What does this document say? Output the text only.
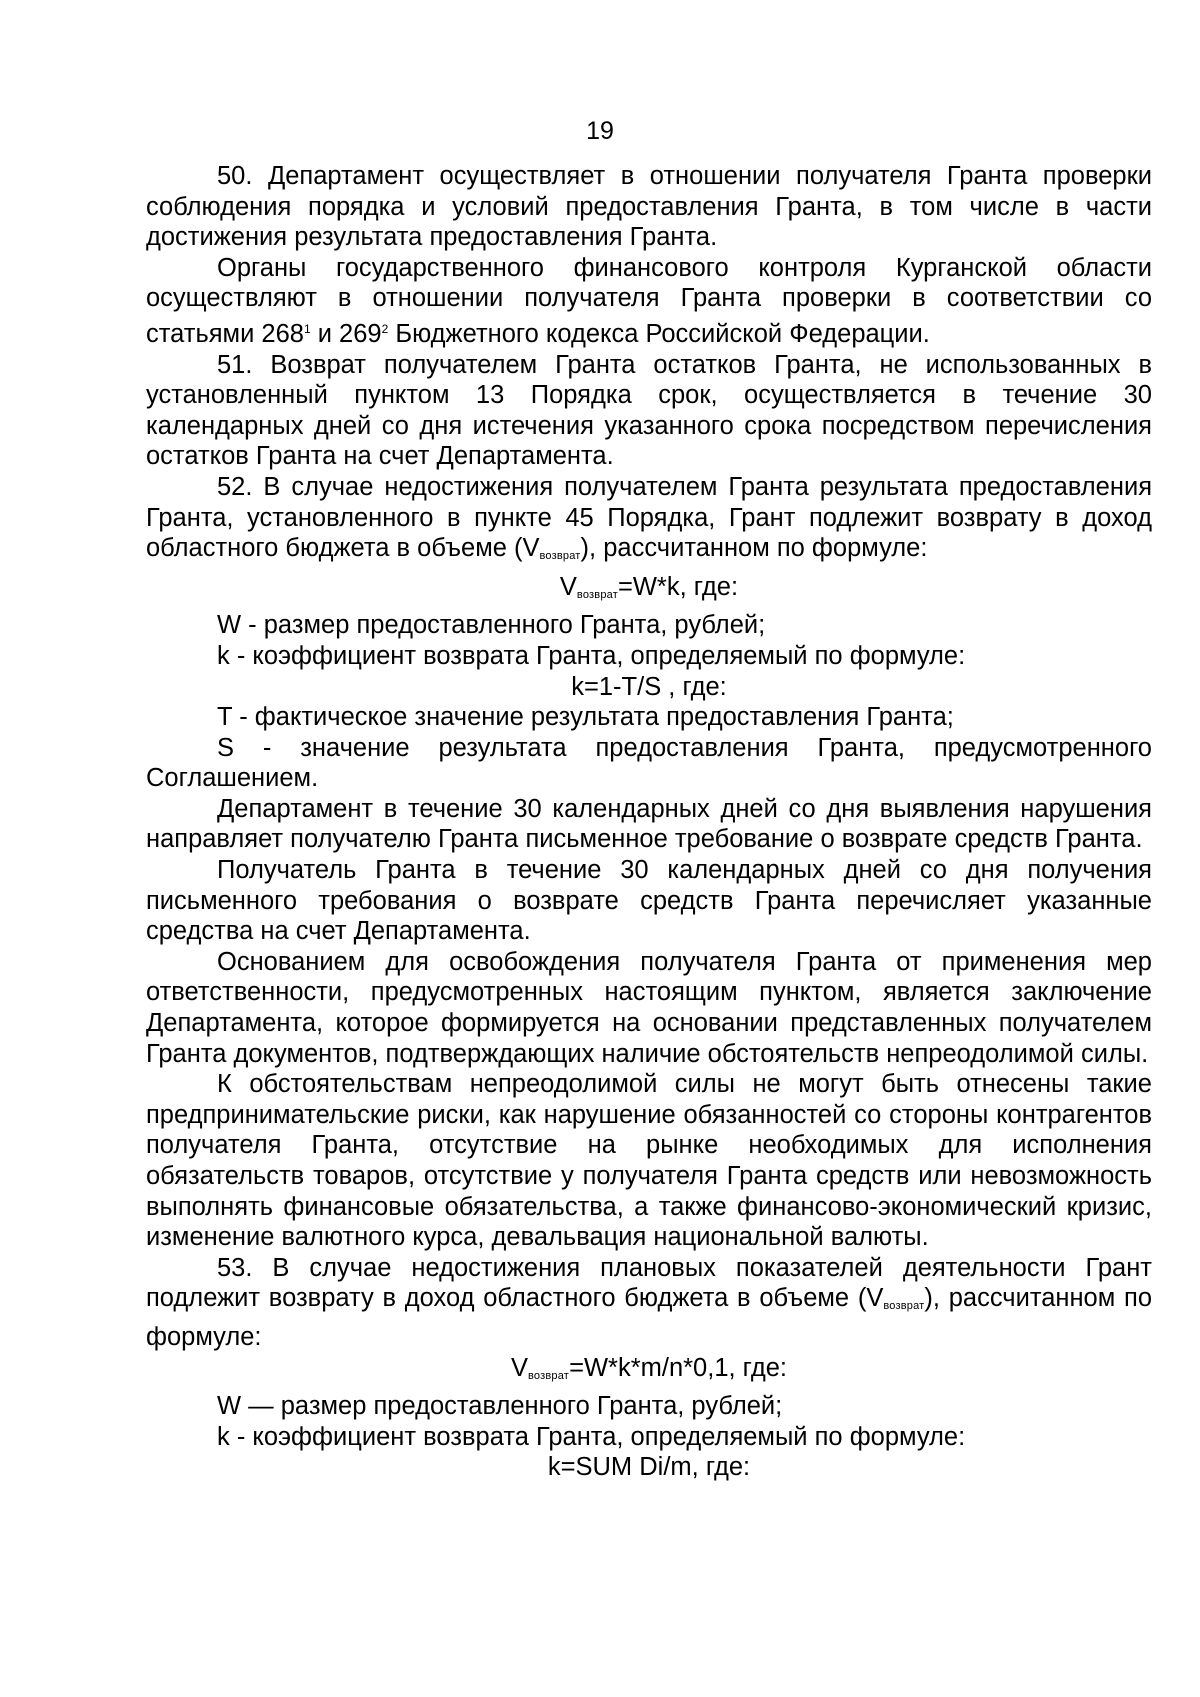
19

50. Департамент осуществляет в отношении получателя Гранта проверки соблюдения порядка и условий предоставления Гранта, в том числе в части достижения результата предоставления Гранта.

Органы государственного финансового контроля Курганской области осуществляют в отношении получателя Гранта проверки в соответствии со статьями $268^1$ и $269^2$ Бюджетного кодекса Российской Федерации.

51. Возврат получателем Гранта остатков Гранта, не использованных в установленный пунктом 13 Порядка срок, осуществляется в течение 30 календарных дней со дня истечения указанного срока посредством перечисления остатков Гранта на счет Департамента.

52. В случае недостижения получателем Гранта результата предоставления Гранта, установленного в пункте 45 Порядка, Грант подлежит возврату в доход областного бюджета в объеме $(V_{возврат})$, рассчитанном по формуле:

$V_{возврат}=W*k$, где:

W - размер предоставленного Гранта, рублей;

k - коэффициент возврата Гранта, определяемый по формуле:

k=1-T/S , где:

T - фактическое значение результата предоставления Гранта;

S - значение результата предоставления Гранта, предусмотренного Соглашением.

Департамент в течение 30 календарных дней со дня выявления нарушения направляет получателю Гранта письменное требование о возврате средств Гранта.

Получатель Гранта в течение 30 календарных дней со дня получения письменного требования о возврате средств Гранта перечисляет указанные средства на счет Департамента.

Основанием для освобождения получателя Гранта от применения мер ответственности, предусмотренных настоящим пунктом, является заключение Департамента, которое формируется на основании представленных получателем Гранта документов, подтверждающих наличие обстоятельств непреодолимой силы.

К обстоятельствам непреодолимой силы не могут быть отнесены такие предпринимательские риски, как нарушение обязанностей со стороны контрагентов получателя Гранта, отсутствие на рынке необходимых для исполнения обязательств товаров, отсутствие у получателя Гранта средств или невозможность выполнять финансовые обязательства, а также финансово-экономический кризис, изменение валютного курса, девальвация национальной валюты.

53. В случае недостижения плановых показателей деятельности Грант подлежит возврату в доход областного бюджета в объеме $(V_{возврат})$, рассчитанном по формуле:

$V_{возврат}=W*k*m/n*0,1$, где:

W — размер предоставленного Гранта, рублей;

k - коэффициент возврата Гранта, определяемый по формуле:

k=SUM Di/m, где:
